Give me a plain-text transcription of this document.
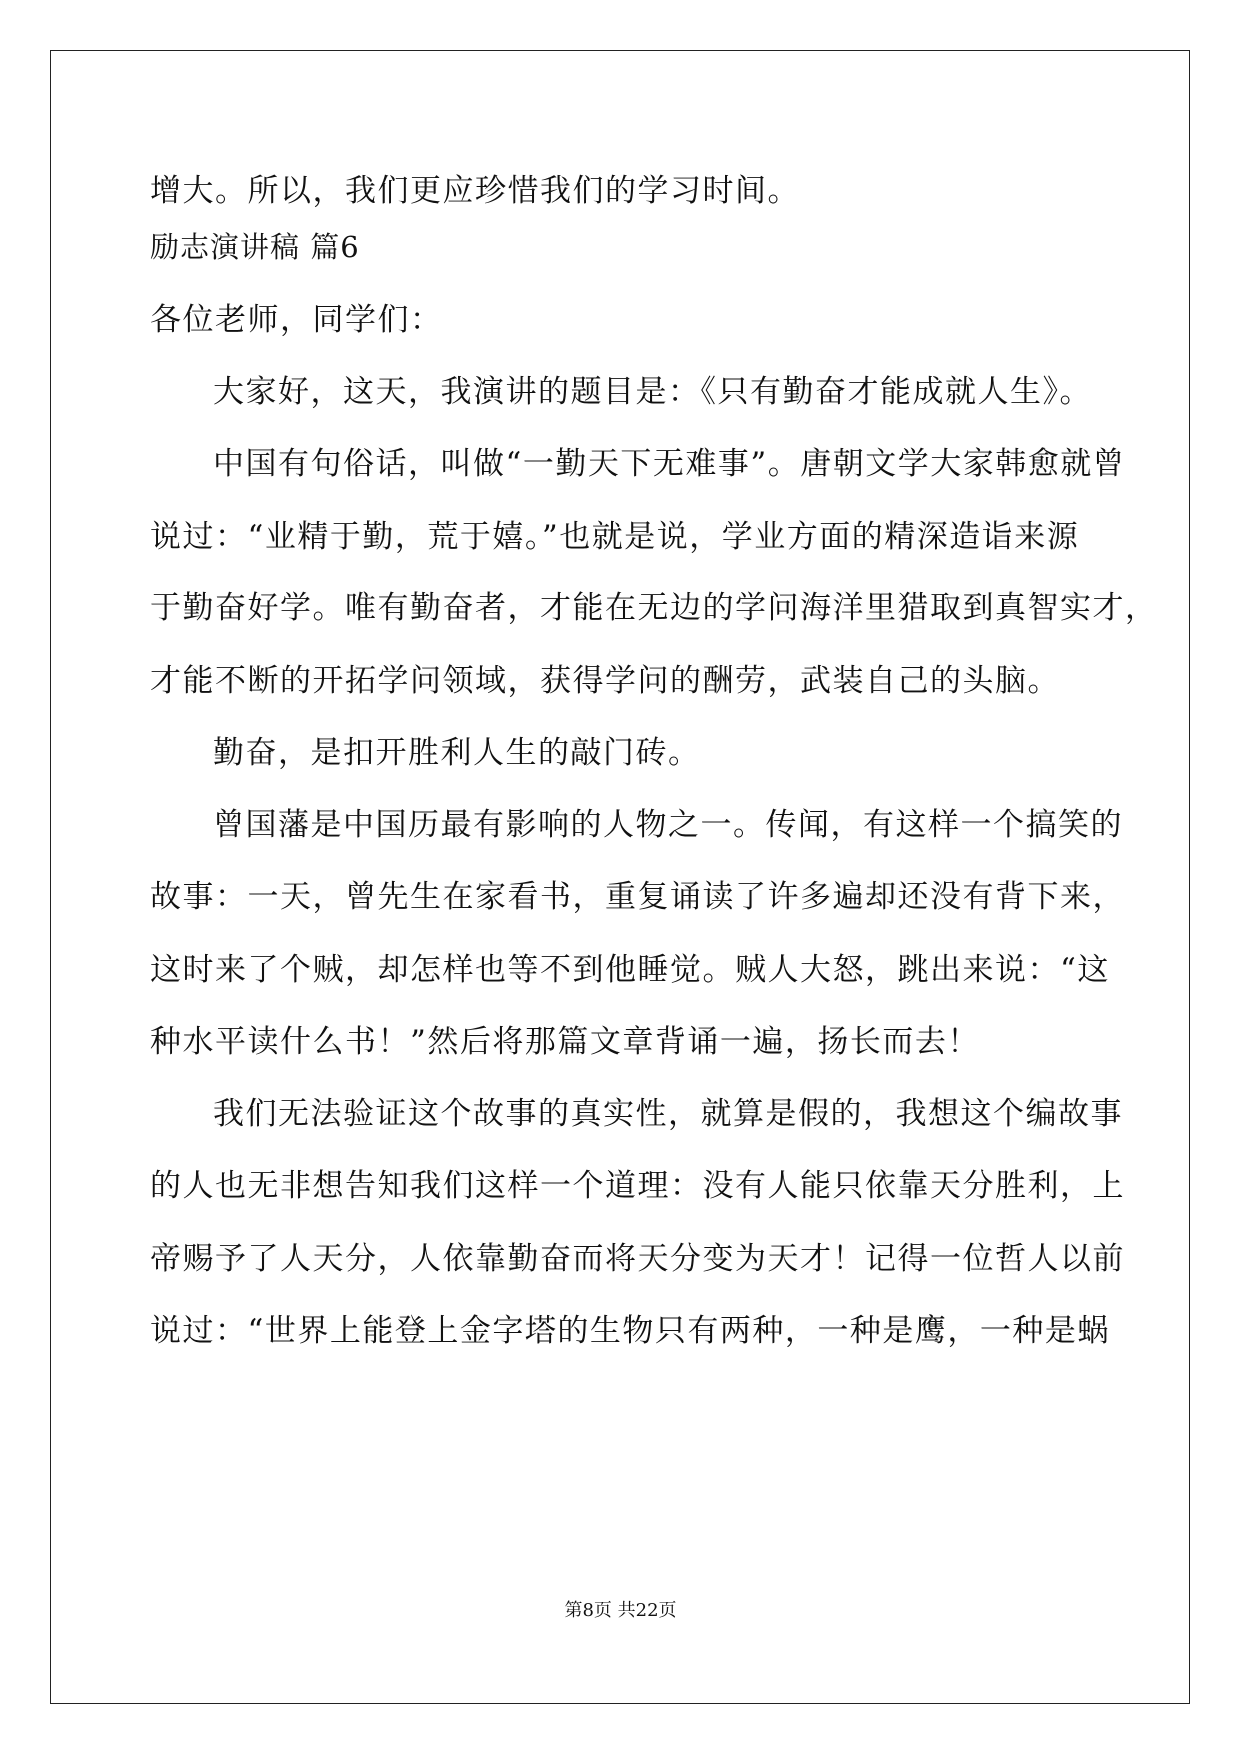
增大。所以，我们更应珍惜我们的学习时间。
励志演讲稿 篇6
各位老师，同学们：
大家好，这天，我演讲的题目是：《只有勤奋才能成就人生》。
中国有句俗话，叫做“一勤天下无难事”。唐朝文学大家韩愈就曾
说过：“业精于勤，荒于嬉。”也就是说，学业方面的精深造诣来源
于勤奋好学。唯有勤奋者，才能在无边的学问海洋里猎取到真智实才，
才能不断的开拓学问领域，获得学问的酬劳，武装自己的头脑。
勤奋，是扣开胜利人生的敲门砖。
曾国藩是中国历最有影响的人物之一。传闻，有这样一个搞笑的
故事：一天，曾先生在家看书，重复诵读了许多遍却还没有背下来，
这时来了个贼，却怎样也等不到他睡觉。贼人大怒，跳出来说：“这
种水平读什么书！”然后将那篇文章背诵一遍，扬长而去！
我们无法验证这个故事的真实性，就算是假的，我想这个编故事
的人也无非想告知我们这样一个道理：没有人能只依靠天分胜利，上
帝赐予了人天分，人依靠勤奋而将天分变为天才！记得一位哲人以前
说过：“世界上能登上金字塔的生物只有两种，一种是鹰，一种是蜗
第8页 共22页
